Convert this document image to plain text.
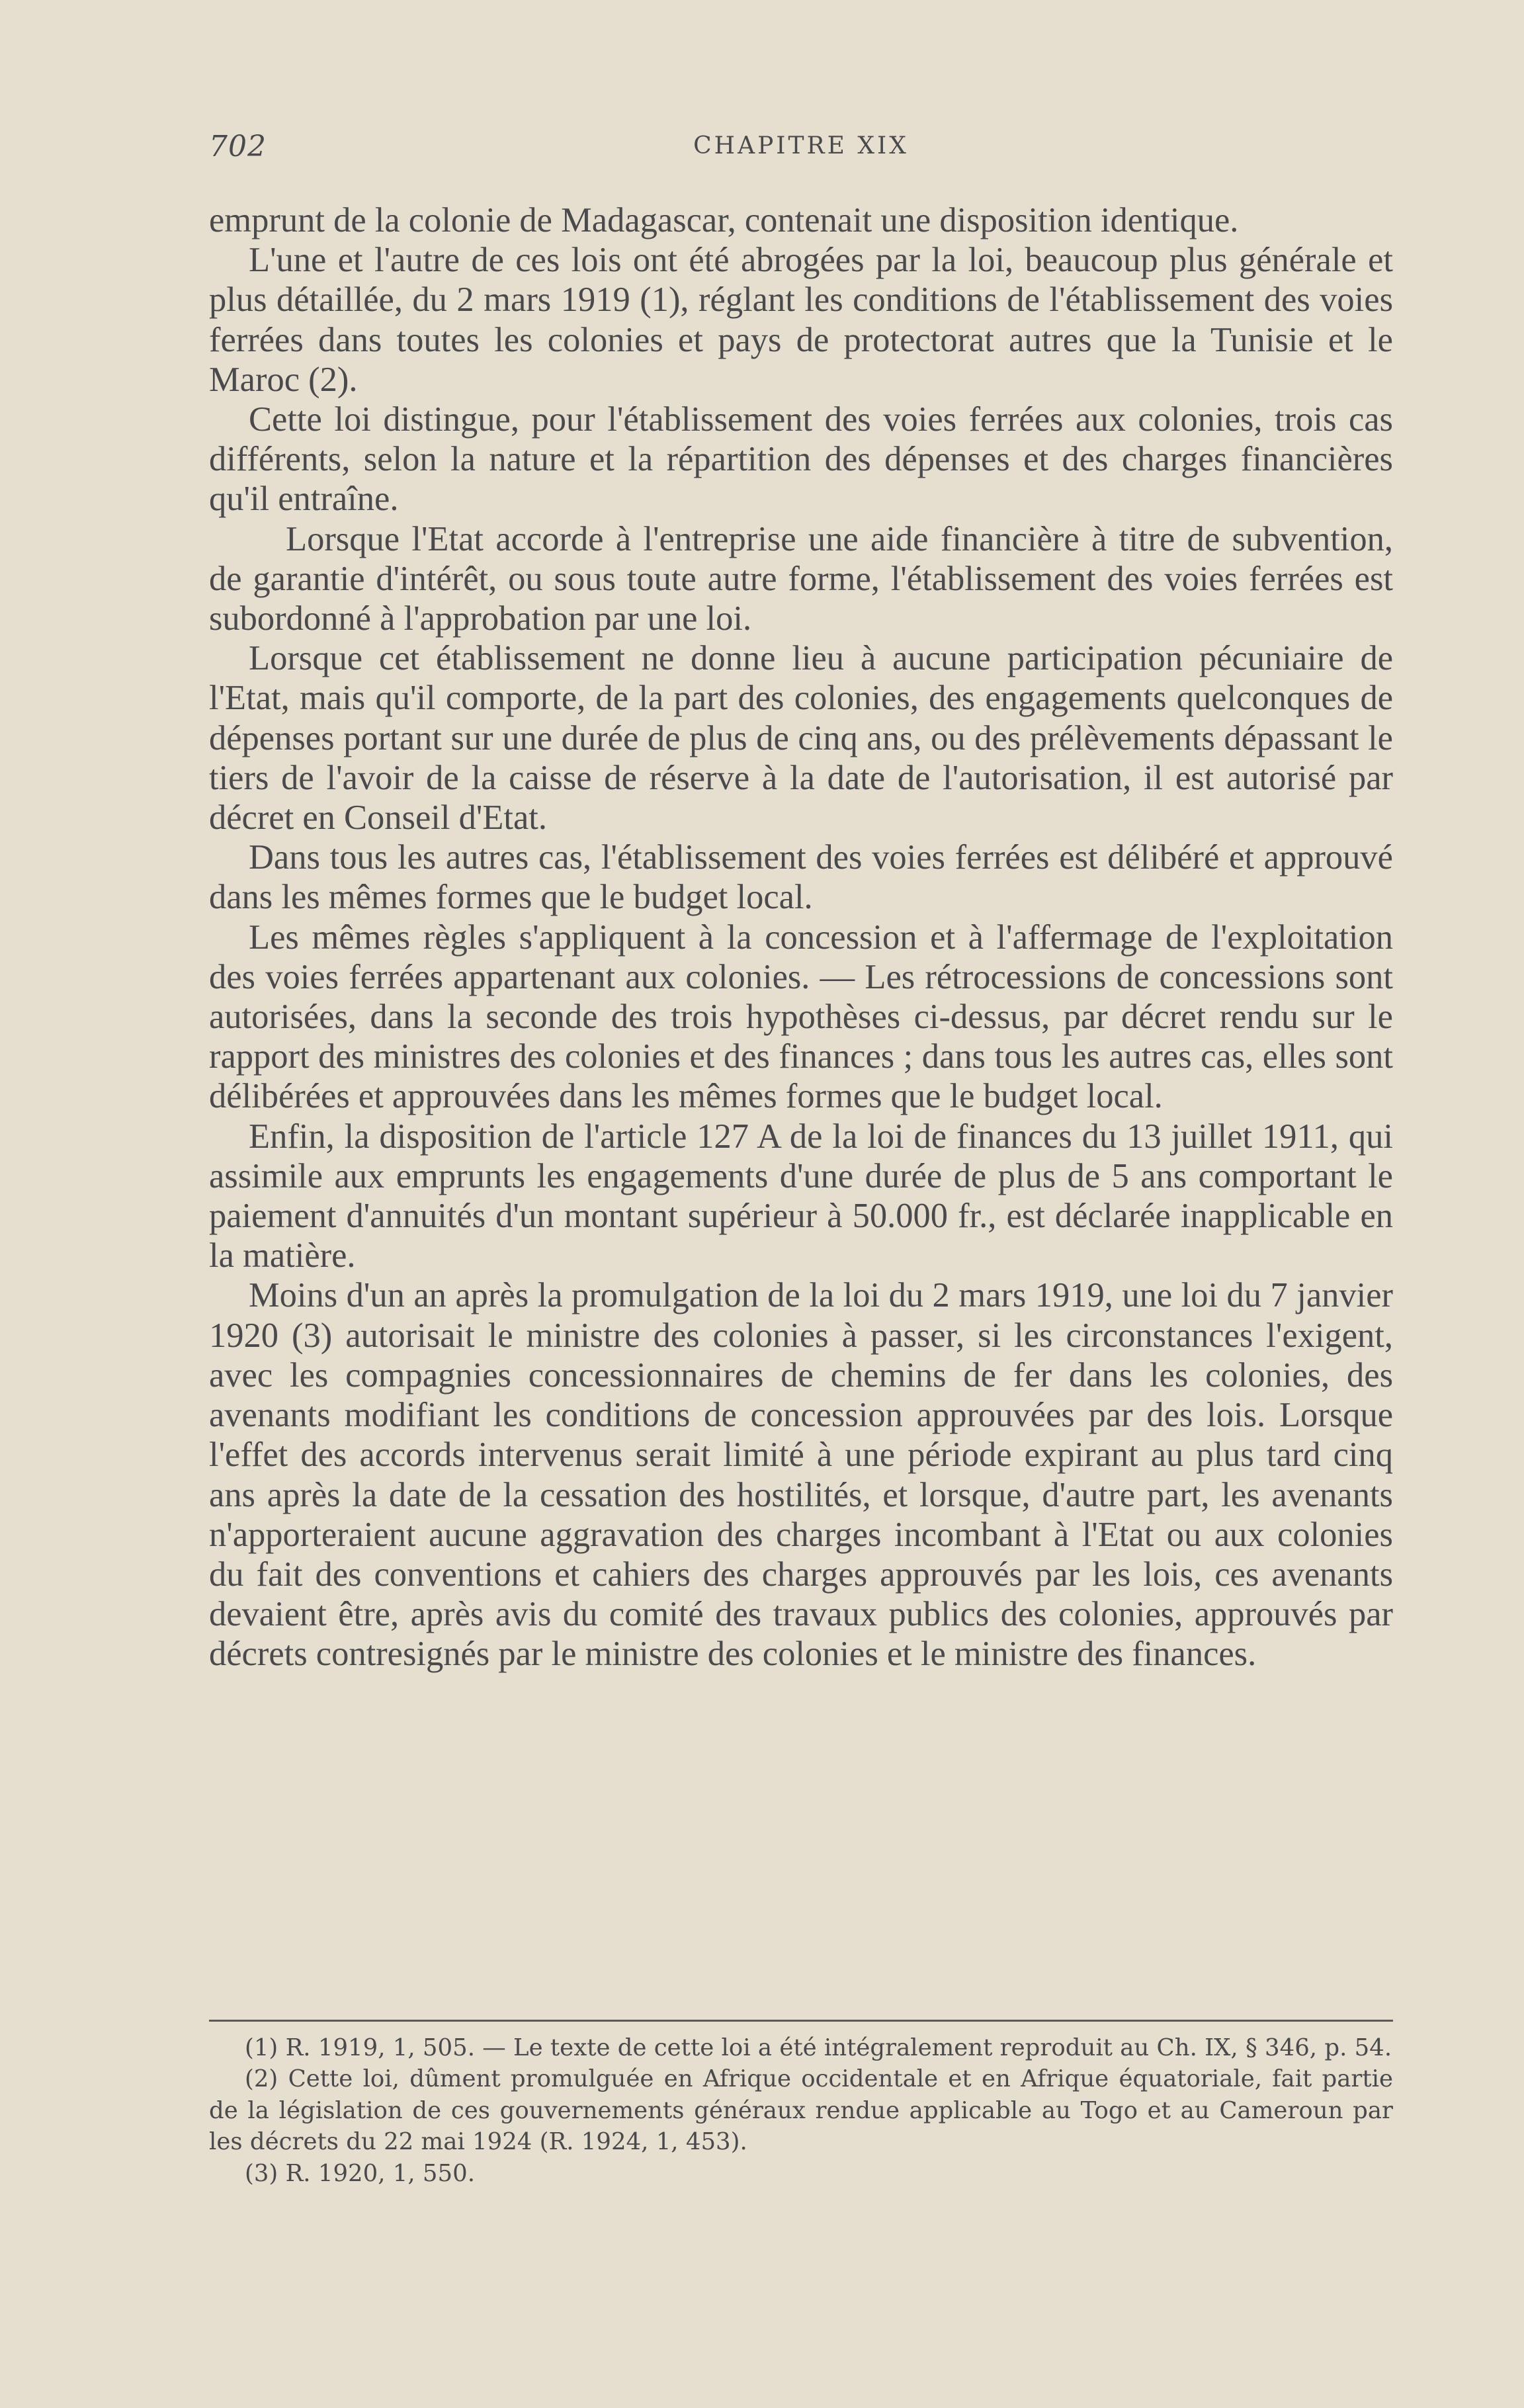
702	CHAPITRE XIX

emprunt de la colonie de Madagascar, contenait une disposition identique.

L'une et l'autre de ces lois ont été abrogées par la loi, beaucoup plus générale et plus détaillée, du 2 mars 1919 (1), réglant les conditions de l'établissement des voies ferrées dans toutes les colonies et pays de protectorat autres que la Tunisie et le Maroc (2).

Cette loi distingue, pour l'établissement des voies ferrées aux colonies, trois cas différents, selon la nature et la répartition des dépenses et des charges financières qu'il entraîne.

Lorsque l'Etat accorde à l'entreprise une aide financière à titre de subvention, de garantie d'intérêt, ou sous toute autre forme, l'établissement des voies ferrées est subordonné à l'approbation par une loi.

Lorsque cet établissement ne donne lieu à aucune participation pécuniaire de l'Etat, mais qu'il comporte, de la part des colonies, des engagements quelconques de dépenses portant sur une durée de plus de cinq ans, ou des prélèvements dépassant le tiers de l'avoir de la caisse de réserve à la date de l'autorisation, il est autorisé par décret en Conseil d'Etat.

Dans tous les autres cas, l'établissement des voies ferrées est délibéré et approuvé dans les mêmes formes que le budget local.

Les mêmes règles s'appliquent à la concession et à l'affermage de l'exploitation des voies ferrées appartenant aux colonies. — Les rétrocessions de concessions sont autorisées, dans la seconde des trois hypothèses ci-dessus, par décret rendu sur le rapport des ministres des colonies et des finances ; dans tous les autres cas, elles sont délibérées et approuvées dans les mêmes formes que le budget local.

Enfin, la disposition de l'article 127 A de la loi de finances du 13 juillet 1911, qui assimile aux emprunts les engagements d'une durée de plus de 5 ans comportant le paiement d'annuités d'un montant supérieur à 50.000 fr., est déclarée inapplicable en la matière.

Moins d'un an après la promulgation de la loi du 2 mars 1919, une loi du 7 janvier 1920 (3) autorisait le ministre des colonies à passer, si les circonstances l'exigent, avec les compagnies concessionnaires de chemins de fer dans les colonies, des avenants modifiant les conditions de concession approuvées par des lois. Lorsque l'effet des accords intervenus serait limité à une période expirant au plus tard cinq ans après la date de la cessation des hostilités, et lorsque, d'autre part, les avenants n'apporteraient aucune aggravation des charges incombant à l'Etat ou aux colonies du fait des conventions et cahiers des charges approuvés par les lois, ces avenants devaient être, après avis du comité des travaux publics des colonies, approuvés par décrets contresignés par le ministre des colonies et le ministre des finances.

(1) R. 1919, 1, 505. — Le texte de cette loi a été intégralement reproduit au Ch. IX, § 346, p. 54.

(2) Cette loi, dûment promulguée en Afrique occidentale et en Afrique équatoriale, fait partie de la législation de ces gouvernements généraux rendue applicable au Togo et au Cameroun par les décrets du 22 mai 1924 (R. 1924, 1, 453).

(3) R. 1920, 1, 550.
